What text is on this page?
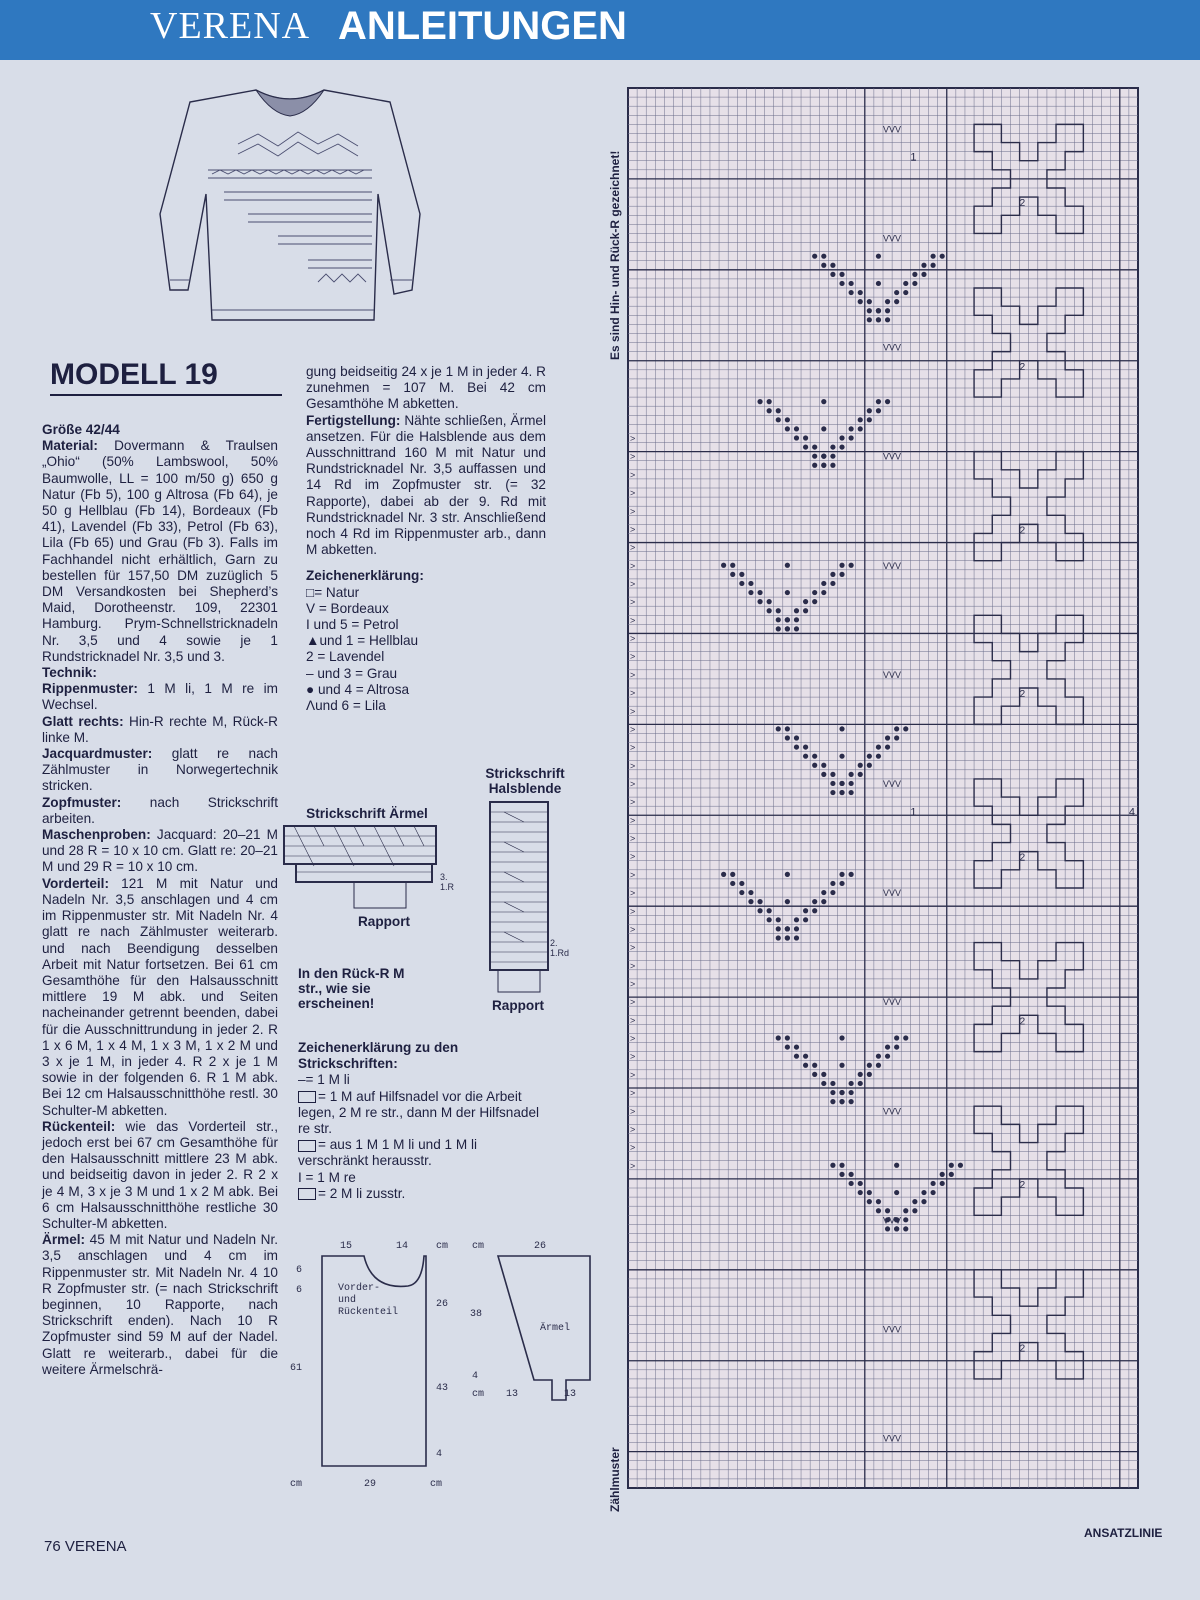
VERENA ANLEITUNGEN
MODELL 19

Größe 42/44

Material: Dovermann & Traulsen „Ohio“ (50% Lambswool, 50% Baumwolle, LL = 100 m/50 g) 650 g Natur (Fb 5), 100 g Altrosa (Fb 64), je 50 g Hellblau (Fb 14), Bordeaux (Fb 41), Lavendel (Fb 33), Petrol (Fb 63), Lila (Fb 65) und Grau (Fb 3). Falls im Fachhandel nicht erhältlich, Garn zu bestellen für 157,50 DM zuzüglich 5 DM Versandkosten bei Shepherd’s Maid, Dorotheenstr. 109, 22301 Hamburg. Prym-Schnellstricknadeln Nr. 3,5 und 4 sowie je 1 Rundstricknadel Nr. 3,5 und 3.

Technik:

Rippenmuster: 1 M li, 1 M re im Wechsel.

Glatt rechts: Hin-R rechte M, Rück-R linke M.

Jacquardmuster: glatt re nach Zählmuster in Norwegertechnik stricken.

Zopfmuster: nach Strickschrift arbeiten.

Maschenproben: Jacquard: 20–21 M und 28 R = 10 x 10 cm. Glatt re: 20–21 M und 29 R = 10 x 10 cm.

Vorderteil: 121 M mit Natur und Nadeln Nr. 3,5 anschlagen und 4 cm im Rippenmuster str. Mit Nadeln Nr. 4 glatt re nach Zählmuster weiterarb. und nach Beendigung desselben Arbeit mit Natur fortsetzen. Bei 61 cm Gesamthöhe für den Halsausschnitt mittlere 19 M abk. und Seiten nacheinander getrennt beenden, dabei für die Ausschnittrundung in jeder 2. R 1 x 6 M, 1 x 4 M, 1 x 3 M, 1 x 2 M und 3 x je 1 M, in jeder 4. R 2 x je 1 M sowie in der folgenden 6. R 1 M abk. Bei 12 cm Halsausschnitthöhe restl. 30 Schulter-M abketten.

Rückenteil: wie das Vorderteil str., jedoch erst bei 67 cm Gesamthöhe für den Halsausschnitt mittlere 23 M abk. und beidseitig davon in jeder 2. R 2 x je 4 M, 3 x je 3 M und 1 x 2 M abk. Bei 6 cm Halsausschnitthöhe restliche 30 Schulter-M abketten.

Ärmel: 45 M mit Natur und Nadeln Nr. 3,5 anschlagen und 4 cm im Rippenmuster str. Mit Nadeln Nr. 4 10 R Zopfmuster str. (= nach Strickschrift beginnen, 10 Rapporte, nach Strickschrift enden). Nach 10 R Zopfmuster sind 59 M auf der Nadel. Glatt re weiterarb., dabei für die weitere Ärmelschrä-

gung beidseitig 24 x je 1 M in jeder 4. R zunehmen = 107 M. Bei 42 cm Gesamthöhe M abketten.

Fertigstellung: Nähte schließen, Ärmel ansetzen. Für die Halsblende aus dem Ausschnittrand 160 M mit Natur und Rundstricknadel Nr. 3,5 auffassen und 14 Rd im Zopfmuster str. (= 32 Rapporte), dabei ab der 9. Rd mit Rundstricknadel Nr. 3 str. Anschließend noch 4 Rd im Rippenmuster arb., dann M abketten.

Zeichenerklärung:

□= Natur
V = Bordeaux
I und 5 = Petrol
▲und 1 = Hellblau
2 = Lavendel
– und 3 = Grau
● und 4 = Altrosa
Λund 6 = Lila
Strickschrift Ärmel
3.
1.R
Rapport
Strickschrift Halsblende
2.
1.Rd
Rapport
In den Rück-R M str., wie sie erscheinen!

Zeichenerklärung zu den Strickschriften:

–= 1 M li

= 1 M auf Hilfsnadel vor die Arbeit legen, 2 M re str., dann M der Hilfsnadel re str.

= aus 1 M 1 M li und 1 M li verschränkt herausstr.

I = 1 M re

= 2 M li zusstr.

Vorder-
und
Rückenteil
Ärmel
15	14	cm
6
6
26
61
43
4
cm	29	cm
cm	26
38
4
cm 13	13
>
>
>
>
>
>
>
>
>
>
>
>
>
>
>
>
>
>
>
>
>
>
>
>
>
>
>
>
>
>
>
>
>
>
>
>
>
>
>
>
>
VVV
VVV
VVV
VVV
VVV
VVV
VVV
VVV
VVV
VVV
VVV
VVV
VVV
2
2
2
2
2
2
2
2
1
1	4
Es sind Hin- und Rück-R gezeichnet!
Zählmuster
76 VERENA
ANSATZLINIE
